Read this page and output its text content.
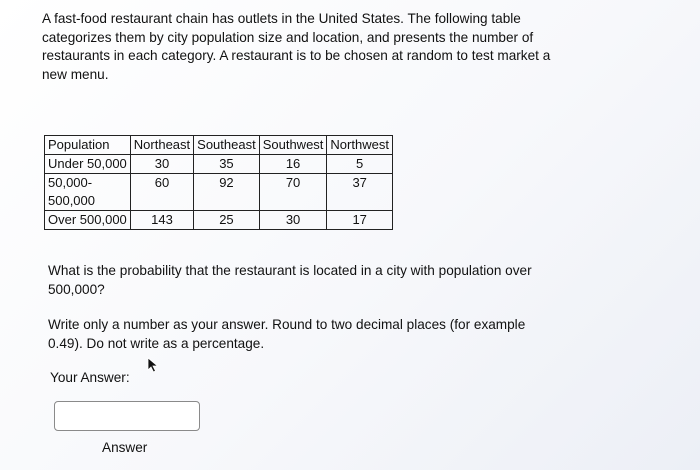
A fast-food restaurant chain has outlets in the United States. The following table
categorizes them by city population size and location, and presents the number of
restaurants in each category. A restaurant is to be chosen at random to test market a
new menu.
Population	Northeast	Southeast	Southwest	Northwest
Under 50,000	30	35	16	5

50,000-
500,000	60	92	70	37
Over 500,000	143	25	30	17
What is the probability that the restaurant is located in a city with population over
500,000?
Write only a number as your answer. Round to two decimal places (for example
0.49). Do not write as a percentage.
Your Answer:
Answer
